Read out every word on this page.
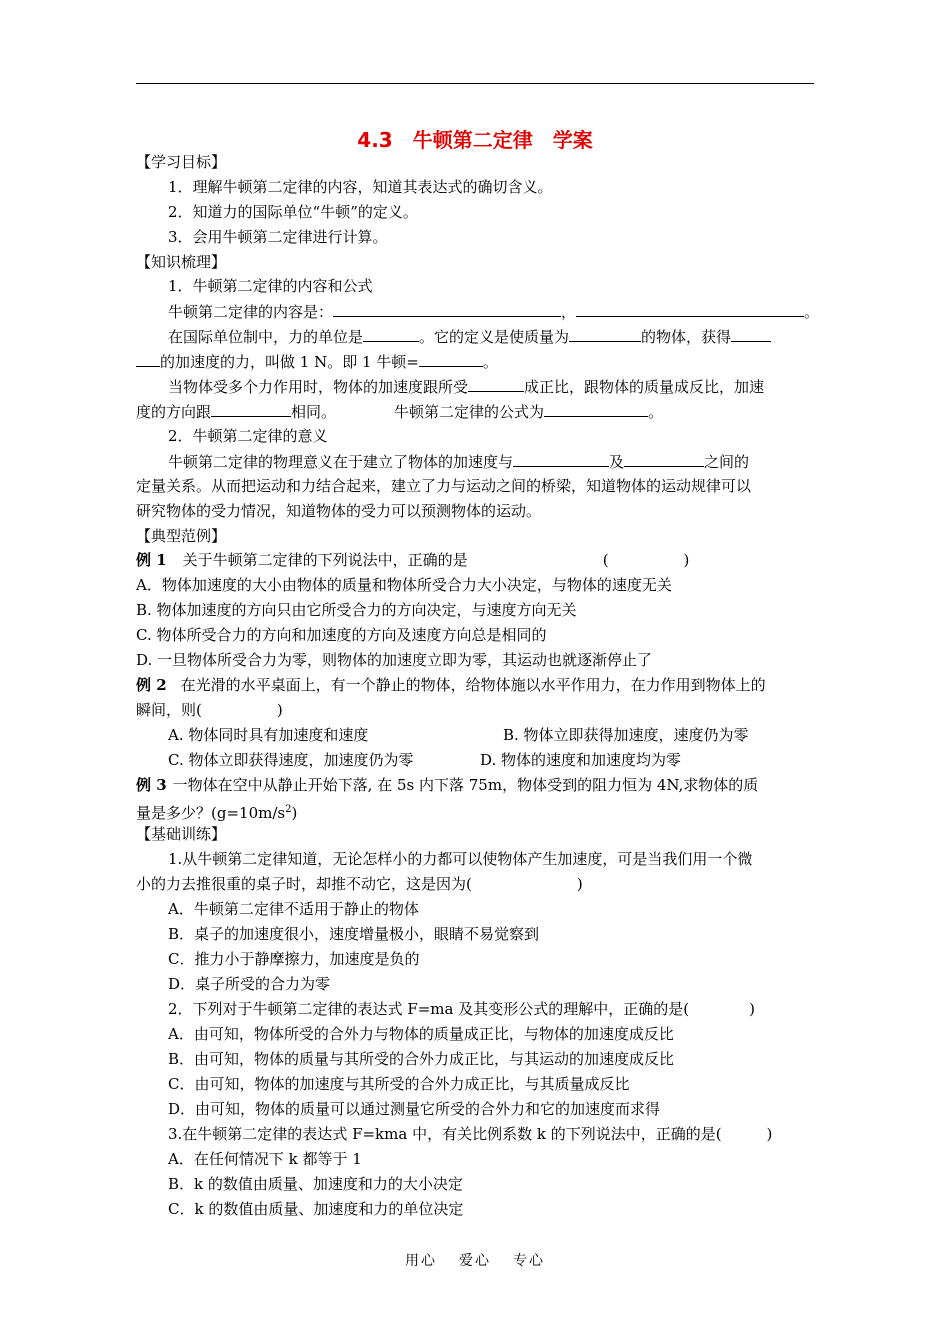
4.3　牛顿第二定律　学案
【学习目标】
1．理解牛顿第二定律的内容，知道其表达式的确切含义。
2．知道力的国际单位“牛顿”的定义。
3．会用牛顿第二定律进行计算。
【知识梳理】
1．牛顿第二定律的内容和公式
牛顿第二定律的内容是：	，	。
在国际单位制中，力的单位是	。它的定义是使质量为	的物体，获得
的加速度的力，叫做 1 N。即 1 牛顿=	。
当物体受多个力作用时，物体的加速度跟所受	成正比，跟物体的质量成反比，加速
度的方向跟	相同。	牛顿第二定律的公式为	。
2．牛顿第二定律的意义
牛顿第二定律的物理意义在于建立了物体的加速度与	及	之间的
定量关系。从而把运动和力结合起来，建立了力与运动之间的桥梁，知道物体的运动规律可以
研究物体的受力情况，知道物体的受力可以预测物体的运动。
【典型范例】
例 1 关于牛顿第二定律的下列说法中，正确的是	(　　　　　)
A．物体加速度的大小由物体的质量和物体所受合力大小决定，与物体的速度无关
B. 物体加速度的方向只由它所受合力的方向决定，与速度方向无关
C. 物体所受合力的方向和加速度的方向及速度方向总是相同的
D. 一旦物体所受合力为零，则物体的加速度立即为零，其运动也就逐渐停止了
例 2 在光滑的水平桌面上，有一个静止的物体，给物体施以水平作用力，在力作用到物体上的
瞬间，则(　　　　　)
A. 物体同时具有加速度和速度	B. 物体立即获得加速度，速度仍为零
C. 物体立即获得速度，加速度仍为零	D. 物体的速度和加速度均为零
例 3 一物体在空中从静止开始下落, 在 5s 内下落 75m，物体受到的阻力恒为 4N,求物体的质
量是多少？$(g=10m/s^2)$
【基础训练】
1.从牛顿第二定律知道，无论怎样小的力都可以使物体产生加速度，可是当我们用一个微
小的力去推很重的桌子时，却推不动它，这是因为(　　　　　　　)
A．牛顿第二定律不适用于静止的物体
B．桌子的加速度很小，速度增量极小，眼睛不易觉察到
C．推力小于静摩擦力，加速度是负的
D．桌子所受的合力为零
2．下列对于牛顿第二定律的表达式 F=ma 及其变形公式的理解中，正确的是(　　　　)
A．由可知，物体所受的合外力与物体的质量成正比，与物体的加速度成反比
B．由可知，物体的质量与其所受的合外力成正比，与其运动的加速度成反比
C．由可知，物体的加速度与其所受的合外力成正比，与其质量成反比
D．由可知，物体的质量可以通过测量它所受的合外力和它的加速度而求得
3.在牛顿第二定律的表达式 F=kma 中，有关比例系数 k 的下列说法中，正确的是(　　　)
A．在任何情况下 k 都等于 1
B．k 的数值由质量、加速度和力的大小决定
C．k 的数值由质量、加速度和力的单位决定
用心 爱心 专心
